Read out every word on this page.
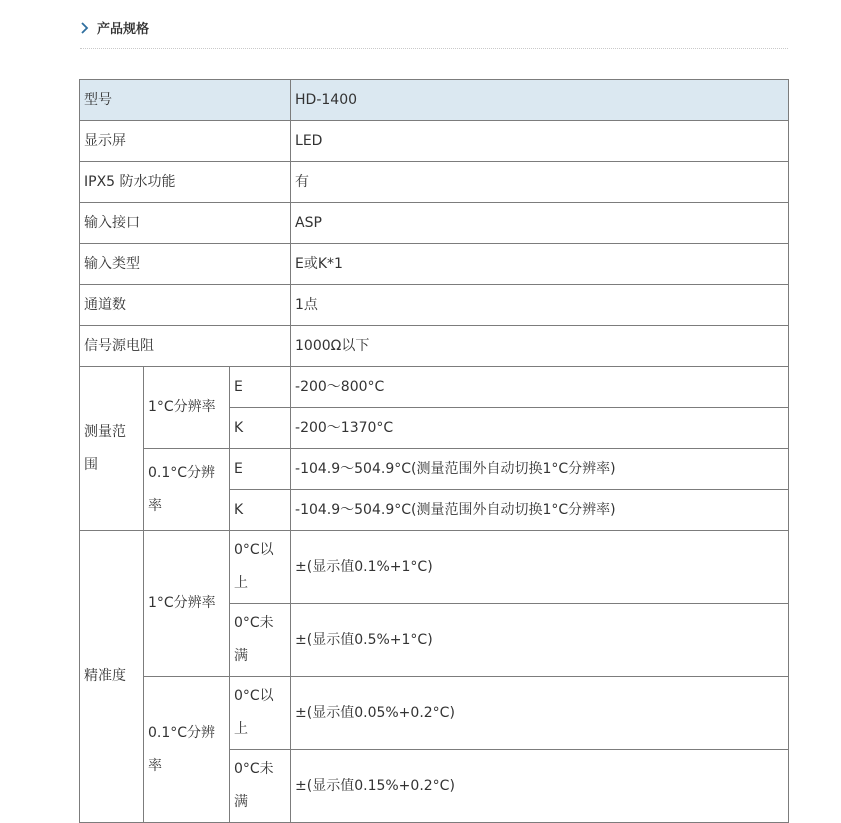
产品规格
型号			HD-1400
显示屏			LED
IPX5 防水功能			有
输入接口			ASP
输入类型			E或K*1
通道数			1点
信号源电阻			1000Ω以下
测量范围	1°C分辨率	E	-200～800°C
		K	-200～1370°C
	0.1°C分辨率	E	-104.9～504.9°C(测量范围外自动切换1°C分辨率)
		K	-104.9～504.9°C(测量范围外自动切换1°C分辨率)
精准度	1°C分辨率	0°C以上	±(显示值0.1%+1°C)
		0°C未满	±(显示值0.5%+1°C)
	0.1°C分辨率	0°C以上	±(显示值0.05%+0.2°C)
		0°C未满	±(显示值0.15%+0.2°C)
